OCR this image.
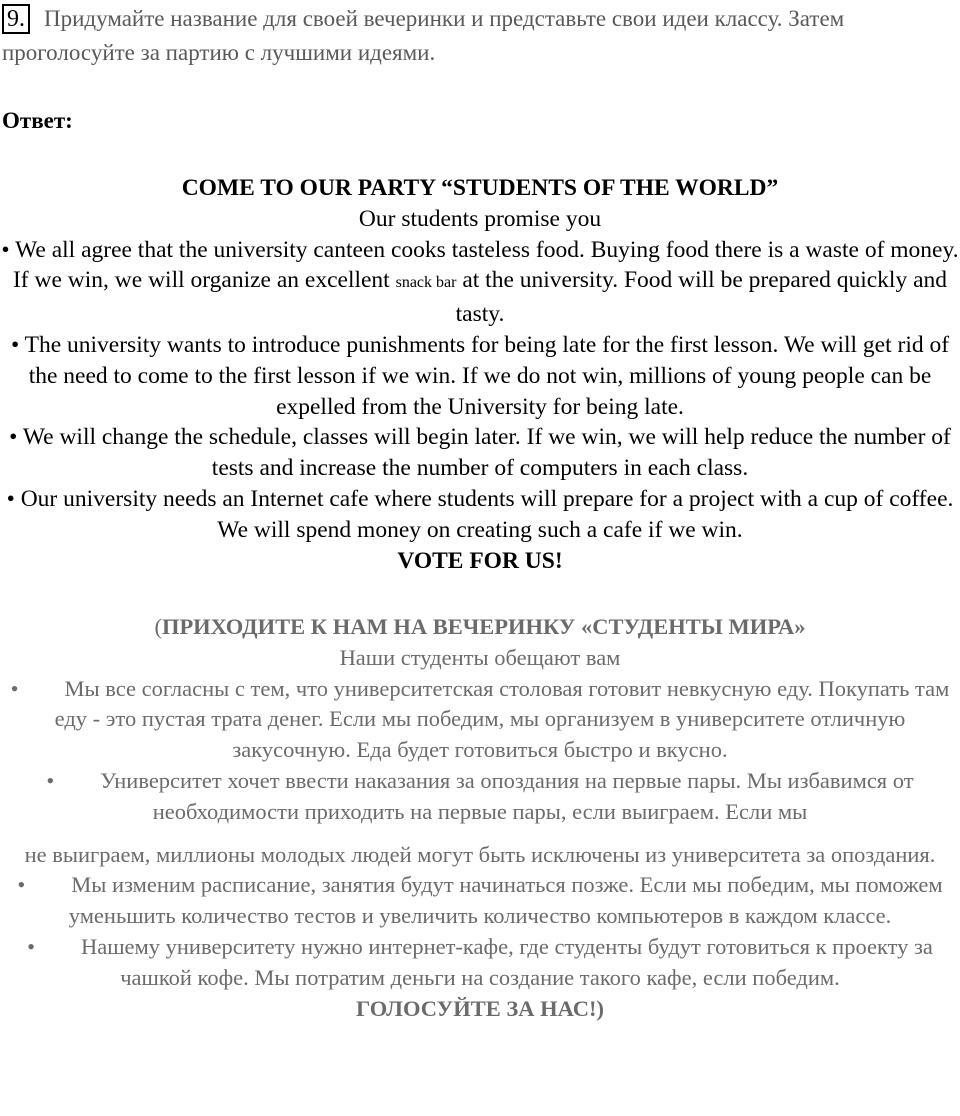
9. Придумайте название для своей вечеринки и представьте свои идеи классу. Затем проголосуйте за партию с лучшими идеями.
Ответ:

COME TO OUR PARTY “STUDENTS OF THE WORLD”

Our students promise you

• We all agree that the university canteen cooks tasteless food. Buying food there is a waste of money. If we win, we will organize an excellent snack bar at the university. Food will be prepared quickly and tasty.

• The university wants to introduce punishments for being late for the first lesson. We will get rid of the need to come to the first lesson if we win. If we do not win, millions of young people can be expelled from the University for being late.

• We will change the schedule, classes will begin later. If we win, we will help reduce the number of tests and increase the number of computers in each class.

• Our university needs an Internet cafe where students will prepare for a project with a cup of coffee. We will spend money on creating such a cafe if we win.

VOTE FOR US!

(ПРИХОДИТЕ К НАМ НА ВЕЧЕРИНКУ «СТУДЕНТЫ МИРА»

Наши студенты обещают вам

• Мы все согласны с тем, что университетская столовая готовит невкусную еду. Покупать там еду - это пустая трата денег. Если мы победим, мы организуем в университете отличную закусочную. Еда будет готовиться быстро и вкусно.

• Университет хочет ввести наказания за опоздания на первые пары. Мы избавимся от необходимости приходить на первые пары, если выиграем. Если мы

не выиграем, миллионы молодых людей могут быть исключены из университета за опоздания.

• Мы изменим расписание, занятия будут начинаться позже. Если мы победим, мы поможем уменьшить количество тестов и увеличить количество компьютеров в каждом классе.

• Нашему университету нужно интернет-кафе, где студенты будут готовиться к проекту за чашкой кофе. Мы потратим деньги на создание такого кафе, если победим.

ГОЛОСУЙТЕ ЗА НАС!)
